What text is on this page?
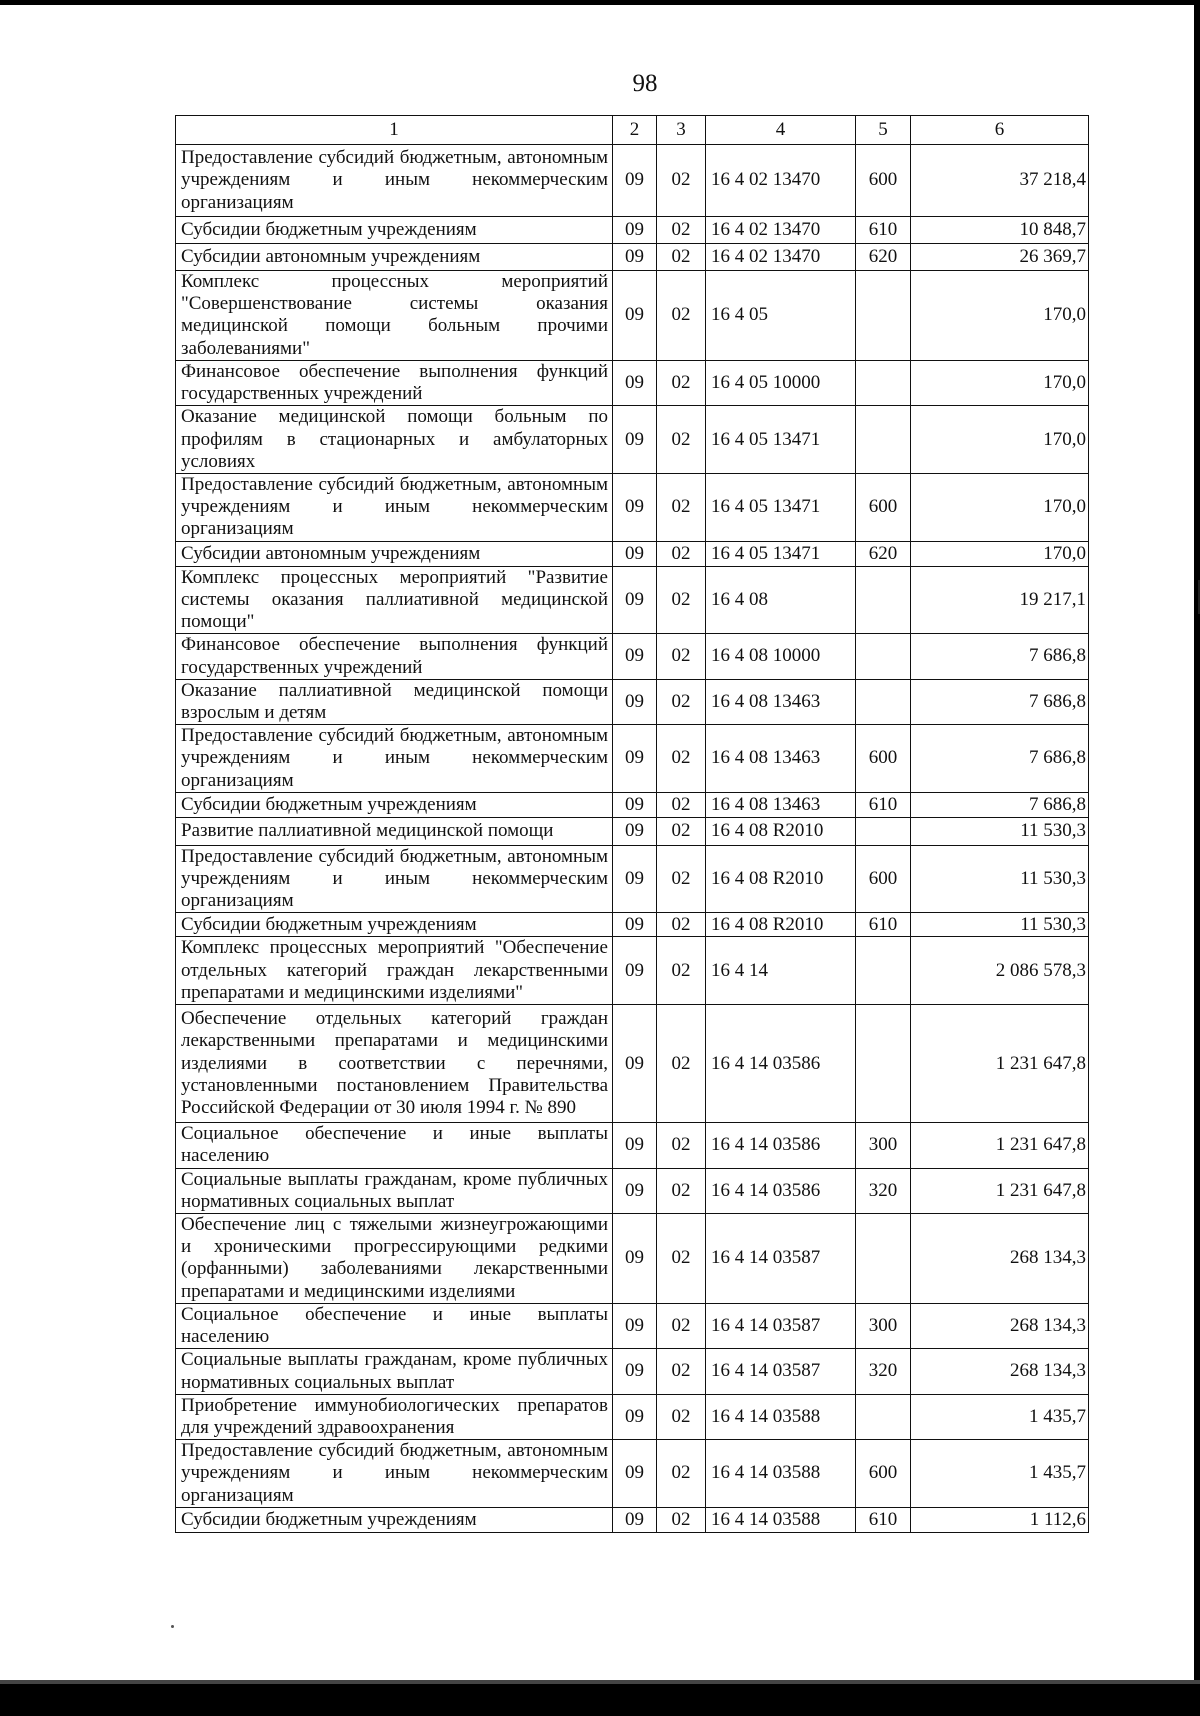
98
1	2	3	4	5	6
Предоставление субсидий бюджетным, автономным учреждениям и иным некоммерческим организациям	09	02	16 4 02 13470	600	37 218,4
Субсидии бюджетным учреждениям	09	02	16 4 02 13470	610	10 848,7
Субсидии автономным учреждениям	09	02	16 4 02 13470	620	26 369,7
Комплекс процессных мероприятий "Совершенствование системы оказания медицинской помощи больным прочими заболеваниями"	09	02	16 4 05		170,0
Финансовое обеспечение выполнения функций государственных учреждений	09	02	16 4 05 10000		170,0
Оказание медицинской помощи больным по профилям в стационарных и амбулаторных условиях	09	02	16 4 05 13471		170,0
Предоставление субсидий бюджетным, автономным учреждениям и иным некоммерческим организациям	09	02	16 4 05 13471	600	170,0
Субсидии автономным учреждениям	09	02	16 4 05 13471	620	170,0
Комплекс процессных мероприятий "Развитие системы оказания паллиативной медицинской помощи"	09	02	16 4 08		19 217,1
Финансовое обеспечение выполнения функций государственных учреждений	09	02	16 4 08 10000		7 686,8
Оказание паллиативной медицинской помощи взрослым и детям	09	02	16 4 08 13463		7 686,8
Предоставление субсидий бюджетным, автономным учреждениям и иным некоммерческим организациям	09	02	16 4 08 13463	600	7 686,8
Субсидии бюджетным учреждениям	09	02	16 4 08 13463	610	7 686,8
Развитие паллиативной медицинской помощи	09	02	16 4 08 R2010		11 530,3
Предоставление субсидий бюджетным, автономным учреждениям и иным некоммерческим организациям	09	02	16 4 08 R2010	600	11 530,3
Субсидии бюджетным учреждениям	09	02	16 4 08 R2010	610	11 530,3
Комплекс процессных мероприятий "Обеспечение отдельных категорий граждан лекарственными препаратами и медицинскими изделиями"	09	02	16 4 14		2 086 578,3
Обеспечение отдельных категорий граждан лекарственными препаратами и медицинскими изделиями в соответствии с перечнями, установленными постановлением Правительства Российской Федерации от 30 июля 1994 г. № 890	09	02	16 4 14 03586		1 231 647,8
Социальное обеспечение и иные выплаты населению	09	02	16 4 14 03586	300	1 231 647,8
Социальные выплаты гражданам, кроме публичных нормативных социальных выплат	09	02	16 4 14 03586	320	1 231 647,8
Обеспечение лиц с тяжелыми жизнеугрожающими и хроническими прогрессирующими редкими (орфанными) заболеваниями лекарственными препаратами и медицинскими изделиями	09	02	16 4 14 03587		268 134,3
Социальное обеспечение и иные выплаты населению	09	02	16 4 14 03587	300	268 134,3
Социальные выплаты гражданам, кроме публичных нормативных социальных выплат	09	02	16 4 14 03587	320	268 134,3
Приобретение иммунобиологических препаратов для учреждений здравоохранения	09	02	16 4 14 03588		1 435,7
Предоставление субсидий бюджетным, автономным учреждениям и иным некоммерческим организациям	09	02	16 4 14 03588	600	1 435,7
Субсидии бюджетным учреждениям	09	02	16 4 14 03588	610	1 112,6
